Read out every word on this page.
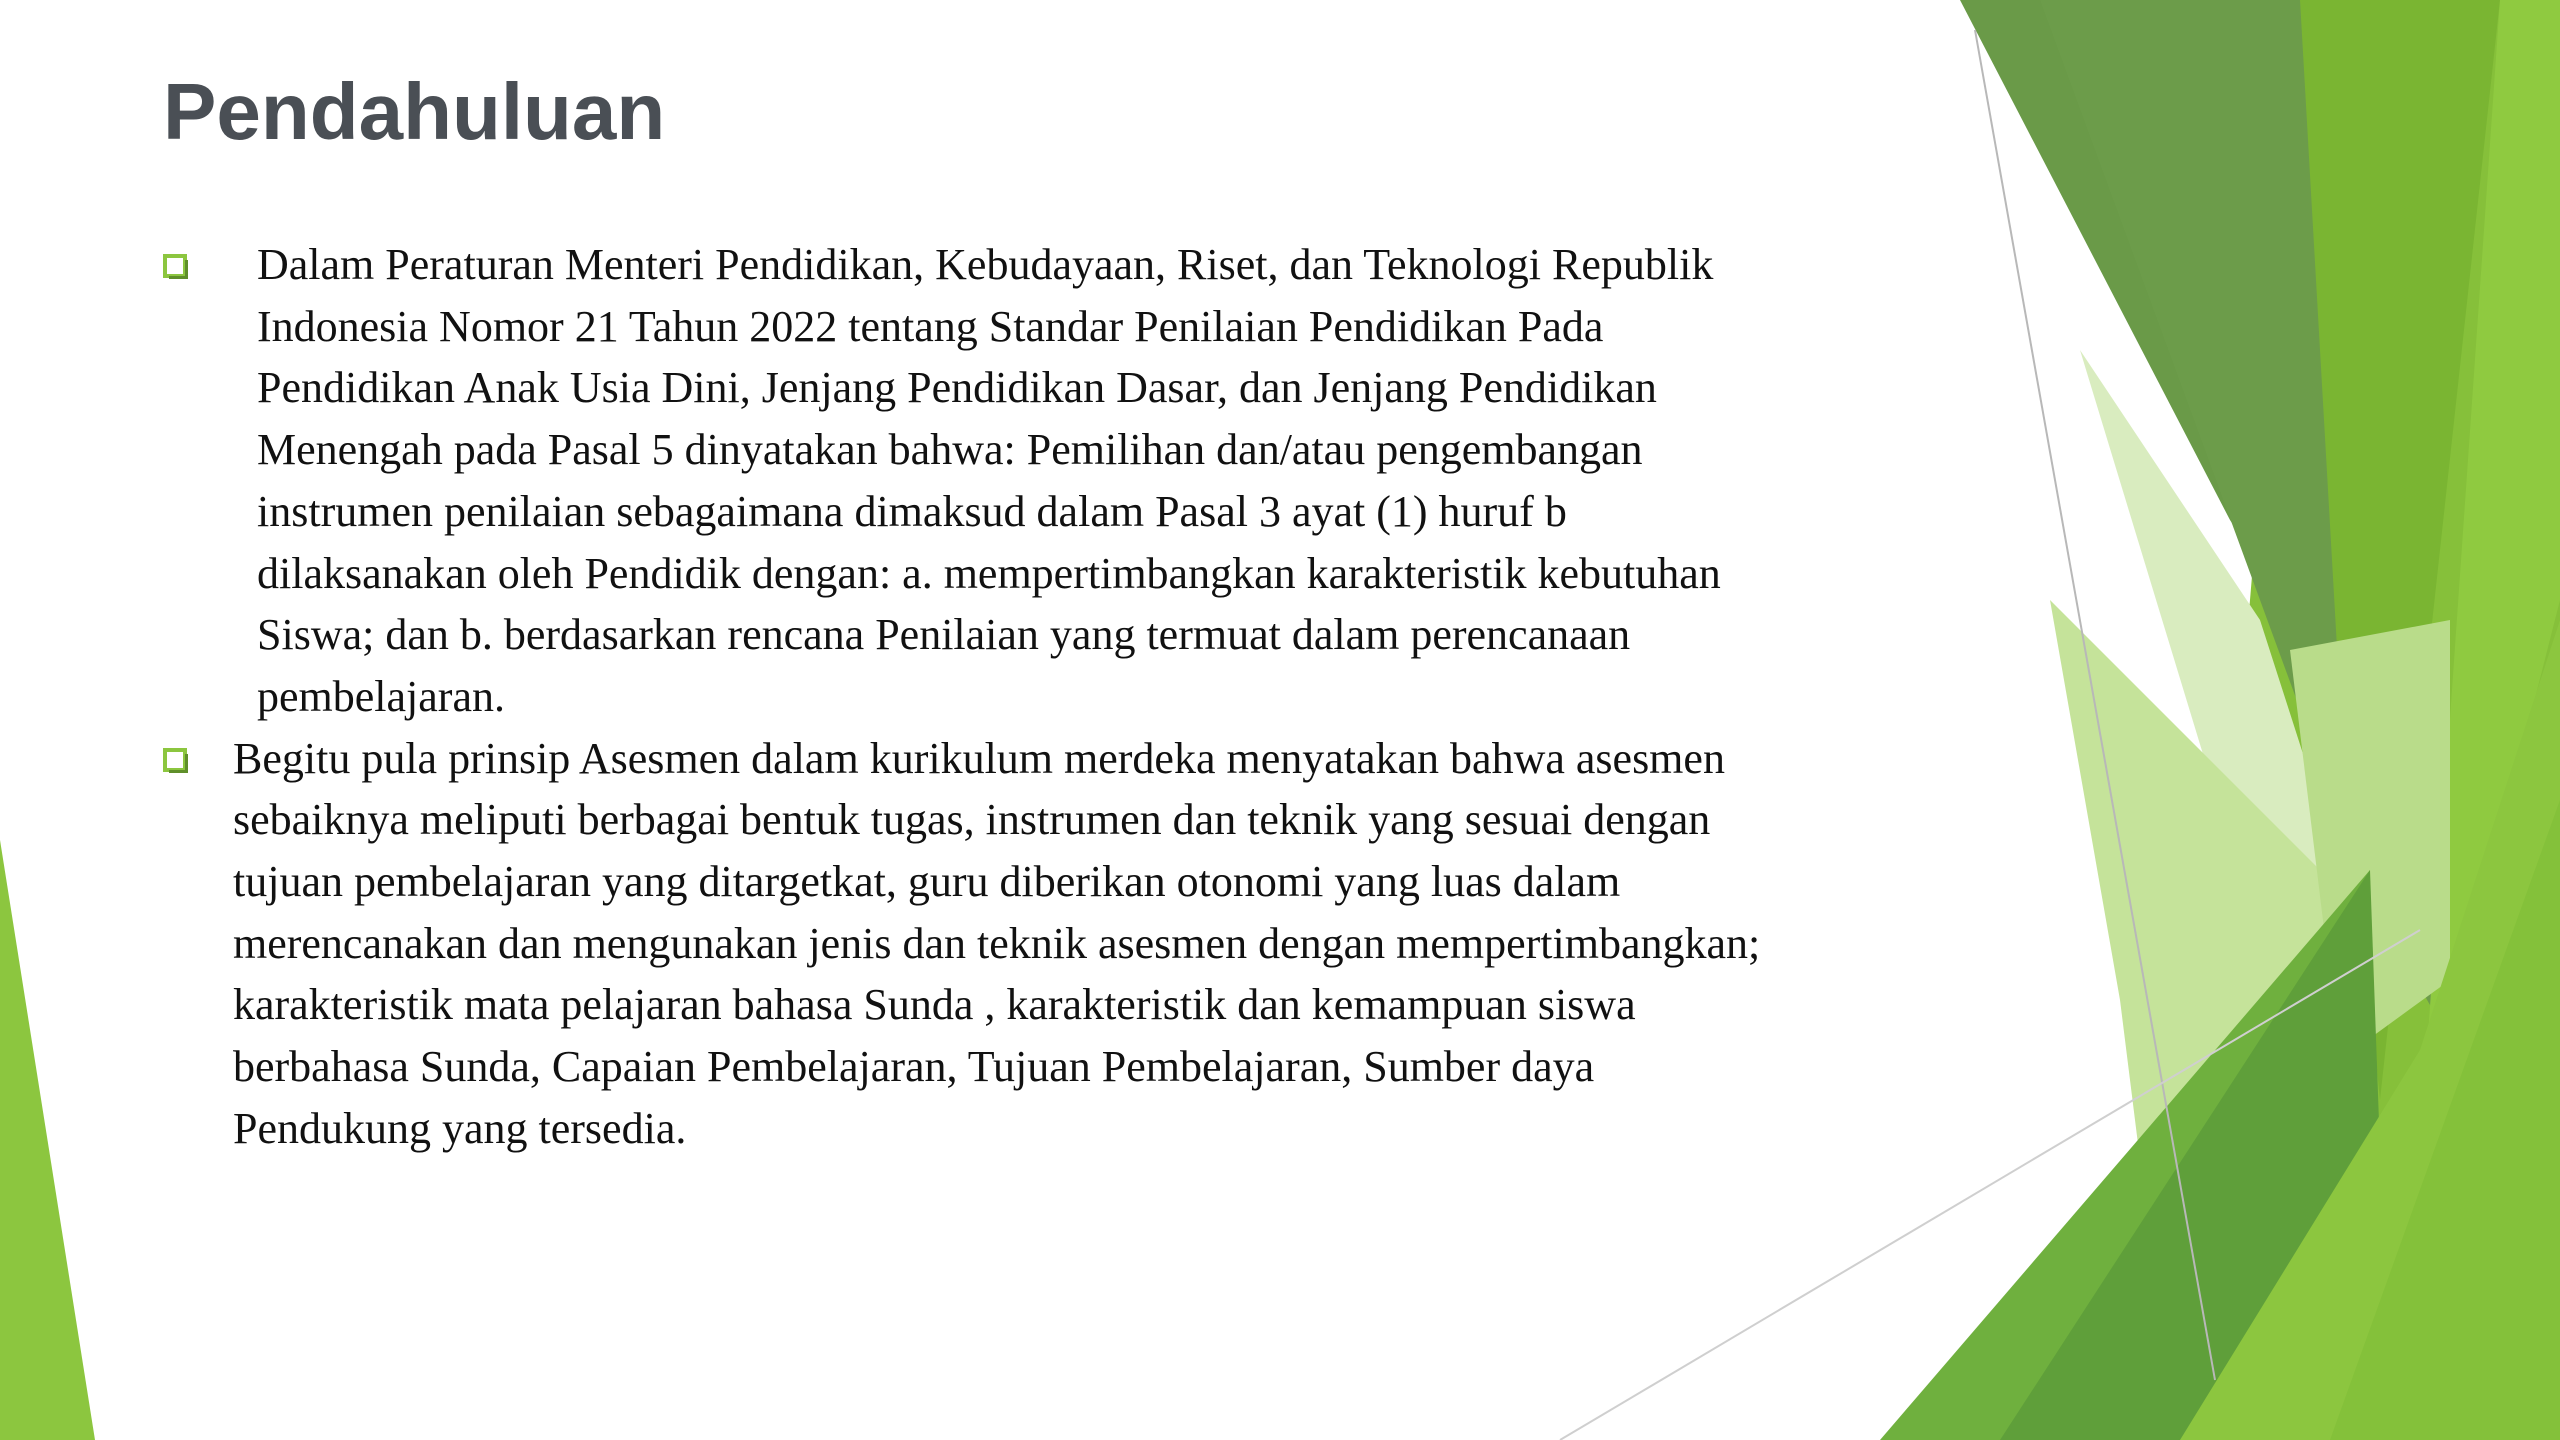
Pendahuluan
Dalam Peraturan Menteri Pendidikan, Kebudayaan, Riset, dan Teknologi Republik
Indonesia Nomor 21 Tahun 2022 tentang Standar Penilaian Pendidikan Pada
Pendidikan Anak Usia Dini, Jenjang Pendidikan Dasar, dan Jenjang Pendidikan
Menengah pada Pasal 5 dinyatakan bahwa: Pemilihan dan/atau pengembangan
instrumen penilaian sebagaimana dimaksud dalam Pasal 3 ayat (1) huruf b
dilaksanakan oleh Pendidik dengan: a. mempertimbangkan karakteristik kebutuhan
Siswa; dan b. berdasarkan rencana Penilaian yang termuat dalam perencanaan
pembelajaran.
Begitu pula prinsip Asesmen dalam kurikulum merdeka menyatakan bahwa asesmen
sebaiknya meliputi berbagai bentuk tugas, instrumen dan teknik yang sesuai dengan
tujuan pembelajaran yang ditargetkat, guru diberikan otonomi yang luas dalam
merencanakan dan mengunakan jenis dan teknik asesmen dengan mempertimbangkan;
karakteristik mata pelajaran bahasa Sunda , karakteristik dan kemampuan siswa
berbahasa Sunda, Capaian Pembelajaran, Tujuan Pembelajaran, Sumber daya
Pendukung yang tersedia.
